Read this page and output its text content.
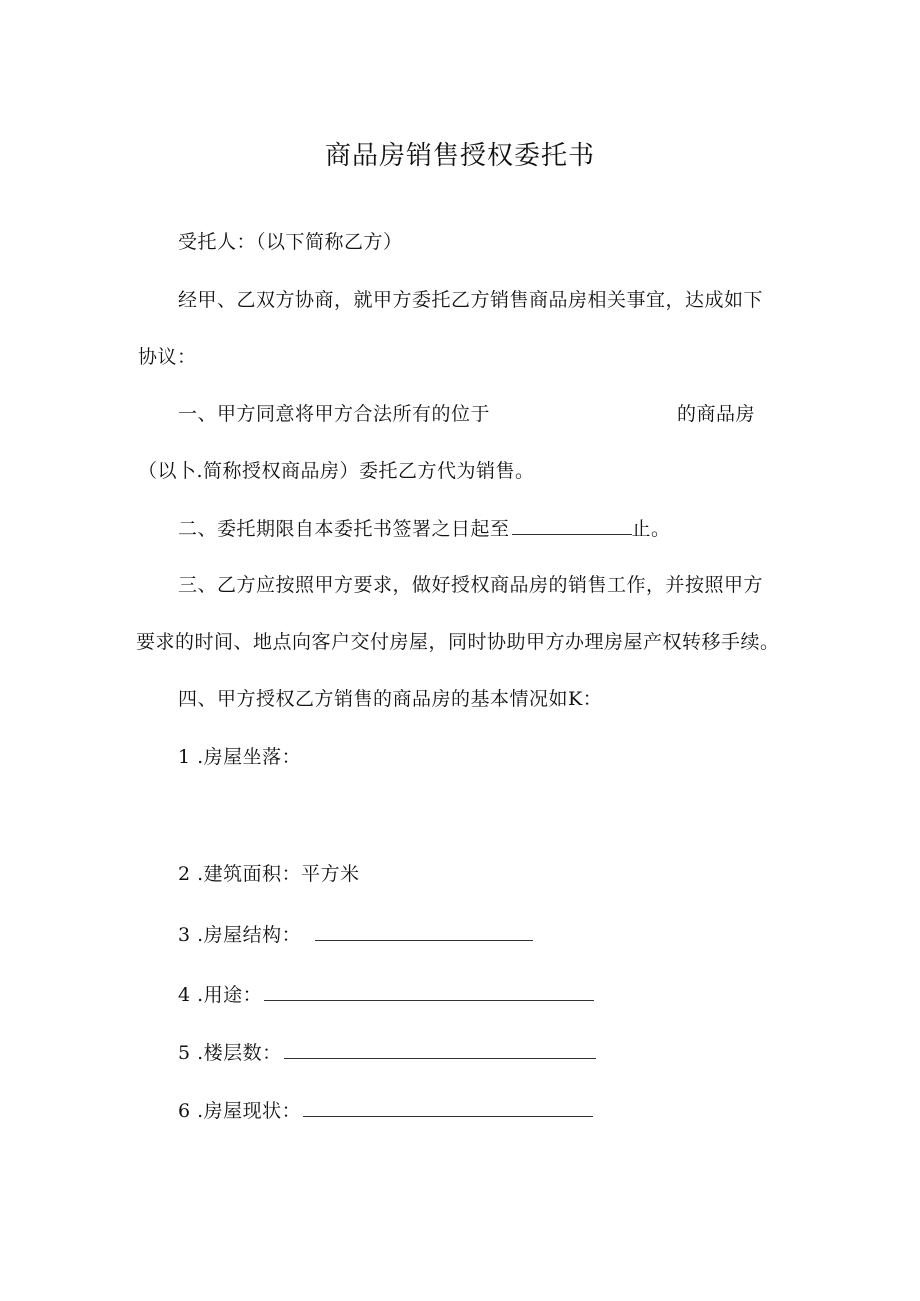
商品房销售授权委托书
受托人：（以下简称乙方）
经甲、乙双方协商，就甲方委托乙方销售商品房相关事宜，达成如下
协议：
一、甲方同意将甲方合法所有的位于	的商品房
（以卜.简称授权商品房）委托乙方代为销售。
二、委托期限自本委托书签署之日起至	止。
三、乙方应按照甲方要求，做好授权商品房的销售工作，并按照甲方
要求的时间、地点向客户交付房屋，同时协助甲方办理房屋产权转移手续。
四、甲方授权乙方销售的商品房的基本情况如K：
1 .房屋坐落：
2 .建筑面积：平方米
3 .房屋结构：
4 .用途：
5 .楼层数：
6 .房屋现状：
